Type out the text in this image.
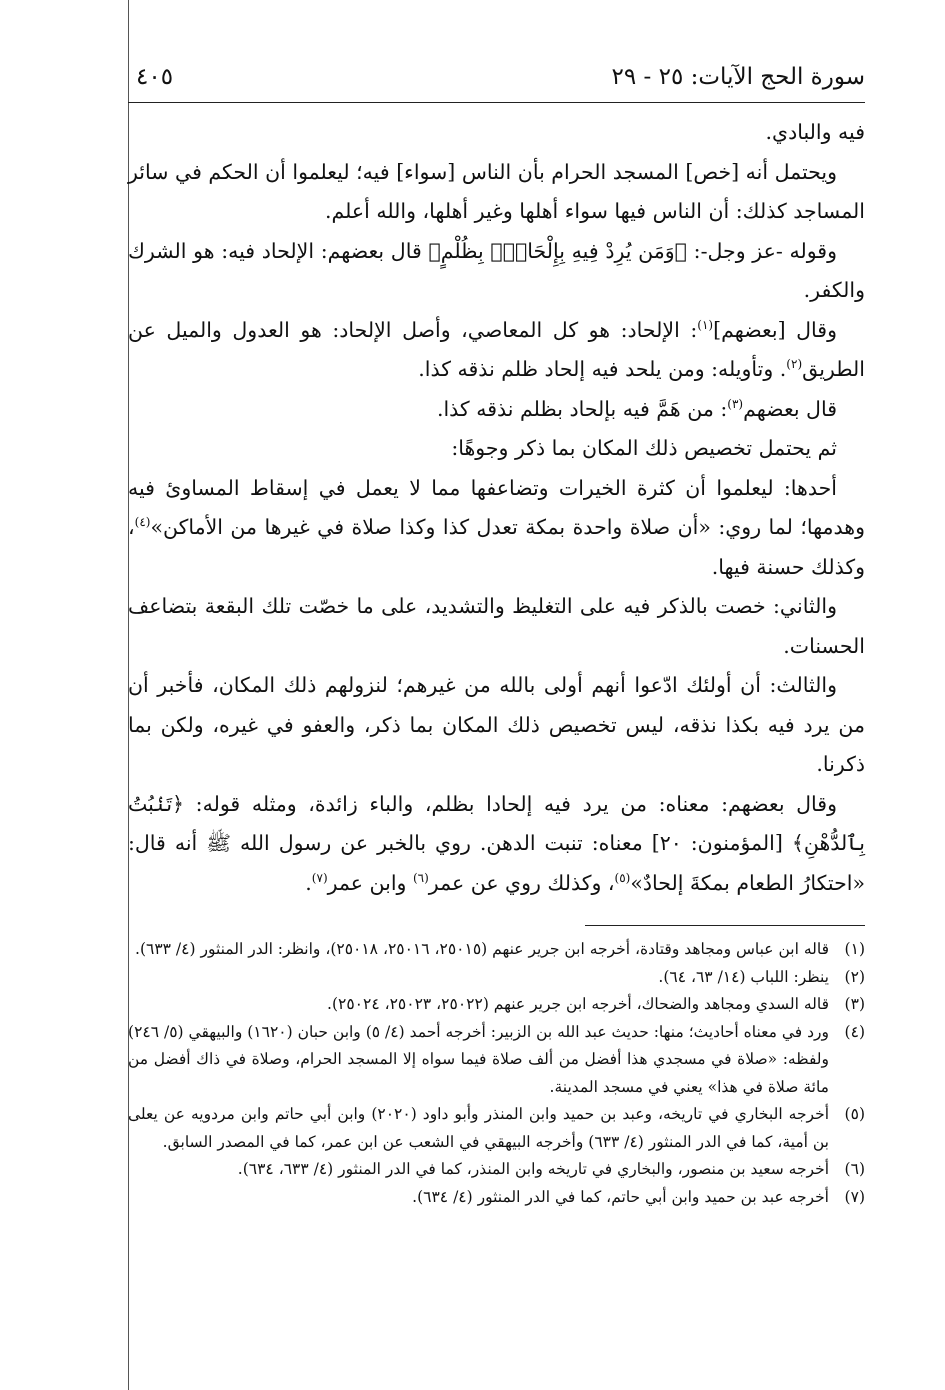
سورة الحج الآيات: ٢٥ - ٢٩
٤٠٥

فيه والبادي.

ويحتمل أنه [خص] المسجد الحرام بأن الناس [سواء] فيه؛ ليعلموا أن الحكم في سائر المساجد كذلك: أن الناس فيها سواء أهلها وغير أهلها، والله أعلم.

وقوله -عز وجل-: ﴿وَمَن يُرِدْ فِيهِ بِإِلْحَادٍۭ بِظُلْمٍ﴾ قال بعضهم: الإلحاد فيه: هو الشرك والكفر.

وقال [بعضهم]$^{(١)}$: الإلحاد: هو كل المعاصي، وأصل الإلحاد: هو العدول والميل عن الطريق$^{(٢)}$. وتأويله: ومن يلحد فيه إلحاد ظلم نذقه كذا.

قال بعضهم$^{(٣)}$: من هَمَّ فيه بإلحاد بظلم نذقه كذا.

ثم يحتمل تخصيص ذلك المكان بما ذكر وجوهًا:

أحدها: ليعلموا أن كثرة الخيرات وتضاعفها مما لا يعمل في إسقاط المساوئ فيه وهدمها؛ لما روي: «أن صلاة واحدة بمكة تعدل كذا وكذا صلاة في غيرها من الأماكن»$^{(٤)}$، وكذلك حسنة فيها.

والثاني: خصت بالذكر فيه على التغليظ والتشديد، على ما خصّت تلك البقعة بتضاعف الحسنات.

والثالث: أن أولئك ادّعوا أنهم أولى بالله من غيرهم؛ لنزولهم ذلك المكان، فأخبر أن من يرد فيه بكذا نذقه، ليس تخصيص ذلك المكان بما ذكر، والعفو في غيره، ولكن بما ذكرنا.

وقال بعضهم: معناه: من يرد فيه إلحادا بظلم، والباء زائدة، ومثله قوله: ﴿تَنۢبُتُ بِٱلدُّهْنِ﴾ [المؤمنون: ٢٠] معناه: تنبت الدهن. روي بالخبر عن رسول الله ﷺ أنه قال: «احتكارُ الطعام بمكةَ إلحادٌ»$^{(٥)}$، وكذلك روي عن عمر$^{(٦)}$ وابن عمر$^{(٧)}$.

(١)
قاله ابن عباس ومجاهد وقتادة، أخرجه ابن جرير عنهم (٢٥٠١٥، ٢٥٠١٦، ٢٥٠١٨)، وانظر: الدر المنثور (٤/ ٦٣٣).
(٢)
ينظر: اللباب (١٤/ ٦٣، ٦٤).
(٣)
قاله السدي ومجاهد والضحاك، أخرجه ابن جرير عنهم (٢٥٠٢٢، ٢٥٠٢٣، ٢٥٠٢٤).
(٤)
ورد في معناه أحاديث؛ منها: حديث عبد الله بن الزبير: أخرجه أحمد (٤/ ٥) وابن حبان (١٦٢٠) والبيهقي (٥/ ٢٤٦) ولفظه: «صلاة في مسجدي هذا أفضل من ألف صلاة فيما سواه إلا المسجد الحرام، وصلاة في ذاك أفضل من مائة صلاة في هذا» يعني في مسجد المدينة.
(٥)
أخرجه البخاري في تاريخه، وعبد بن حميد وابن المنذر وأبو داود (٢٠٢٠) وابن أبي حاتم وابن مردويه عن يعلى بن أمية، كما في الدر المنثور (٤/ ٦٣٣) وأخرجه البيهقي في الشعب عن ابن عمر، كما في المصدر السابق.
(٦)
أخرجه سعيد بن منصور، والبخاري في تاريخه وابن المنذر، كما في الدر المنثور (٤/ ٦٣٣، ٦٣٤).
(٧)
أخرجه عبد بن حميد وابن أبي حاتم، كما في الدر المنثور (٤/ ٦٣٤).
